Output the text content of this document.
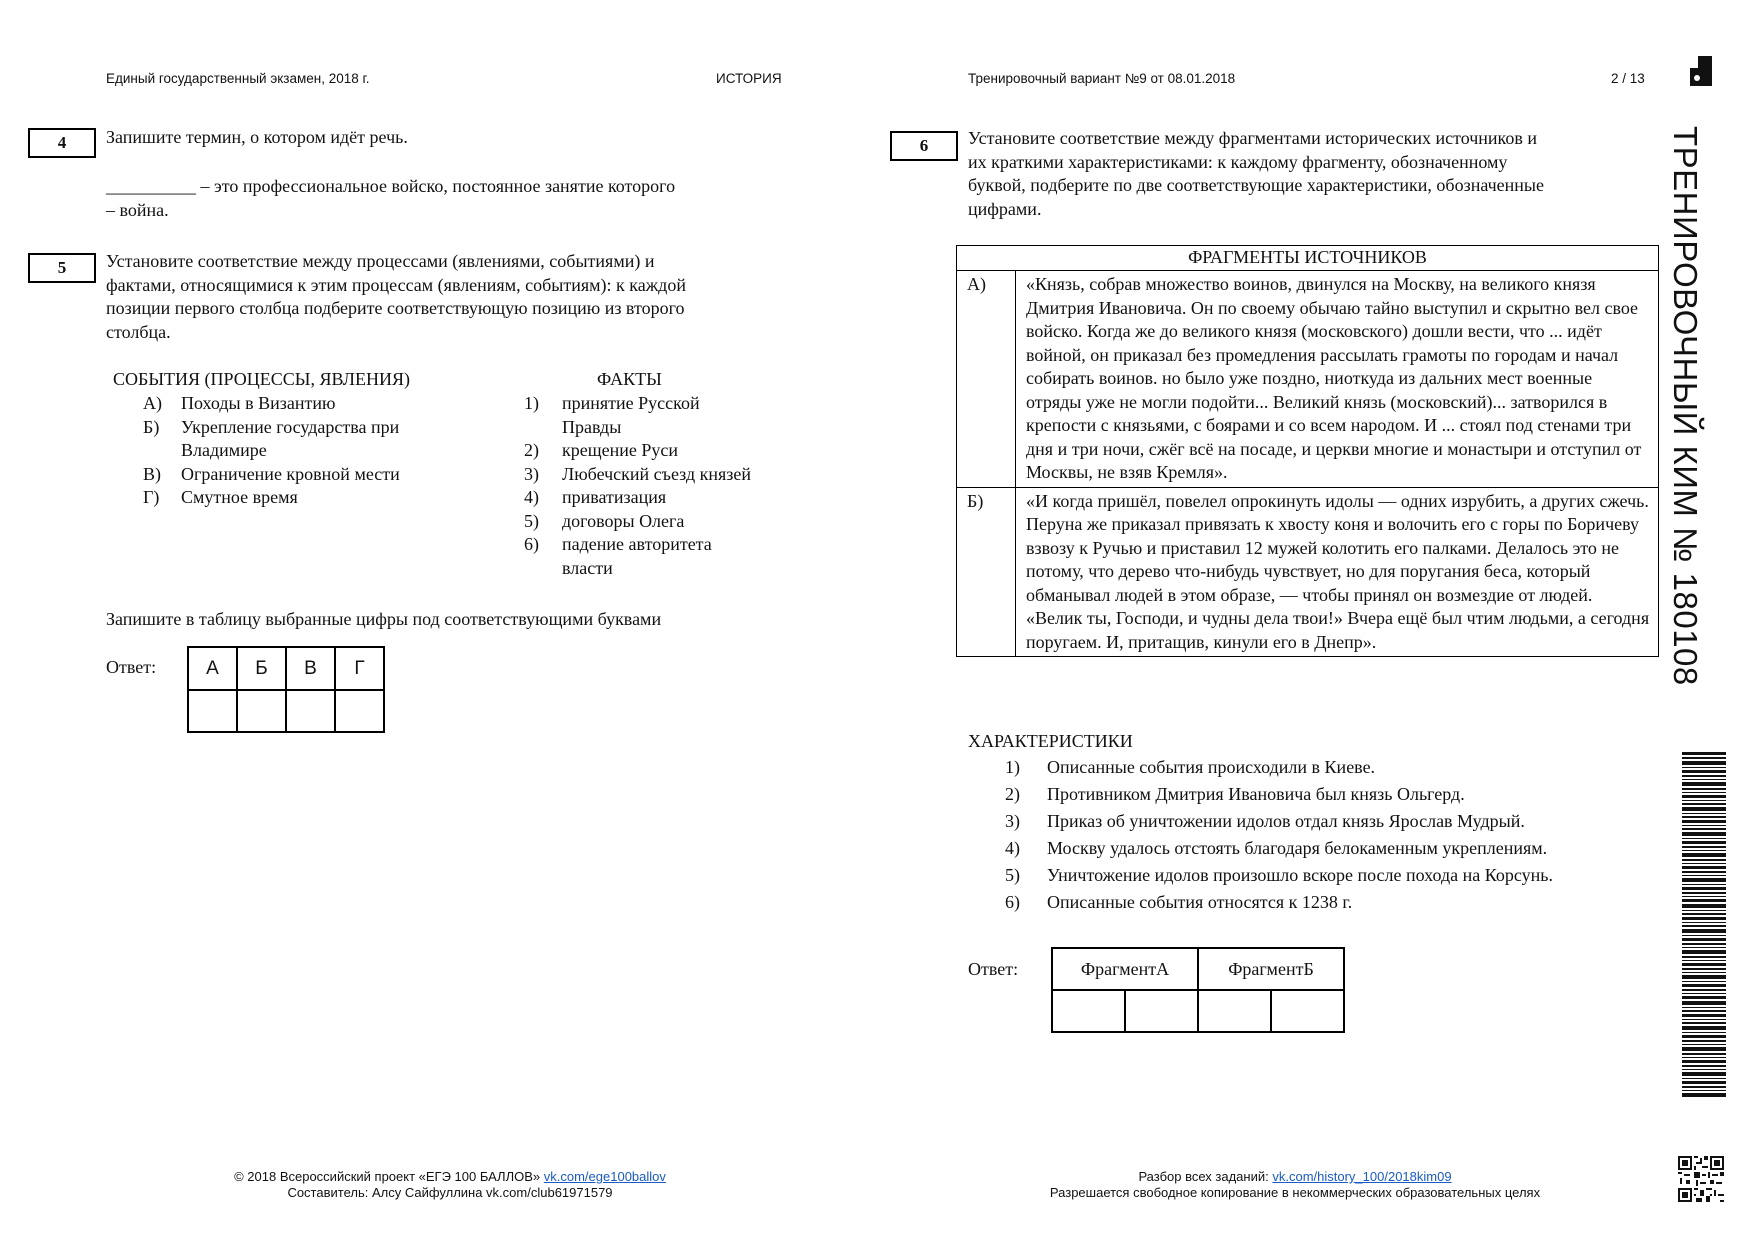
Единый государственный экзамен, 2018 г.	ИСТОРИЯ	Тренировочный вариант №9 от 08.01.2018	2 / 13
ТРЕНИРОВОЧНЫЙ КИМ № 180108
4	Запишите термин, о котором идёт речь.
__________ – это профессиональное войско, постоянное занятие которого
– война.
5	Установите соответствие между процессами (явлениями, событиями) и
фактами, относящимися к этим процессам (явлениям, событиям): к каждой
позиции первого столбца подберите соответствующую позицию из второго
столбца.
СОБЫТИЯ (ПРОЦЕССЫ, ЯВЛЕНИЯ)	ФАКТЫ
А)	Походы в Византию
Б)	Укрепление государства при
Владимире
В)	Ограничение кровной мести
Г)	Смутное время
1)	принятие Русской
Правды
2)	крещение Руси
3)	Любечский съезд князей
4)	приватизация
5)	договоры Олега
6)	падение авторитета
власти
Запишите в таблицу выбранные цифры под соответствующими буквами
Ответ:	А	Б	В	Г

6	Установите соответствие между фрагментами исторических источников и
их краткими характеристиками: к каждому фрагменту, обозначенному
буквой, подберите по две соответствующие характеристики, обозначенные
цифрами.
ФРАГМЕНТЫ ИСТОЧНИКОВ	
А)	«Князь, собрав множество воинов, двинулся на Москву, на великого князя Дмитрия Ивановича. Он по своему обычаю тайно выступил и скрытно вел свое войско. Когда же до великого князя (московского) дошли вести, что ... идёт войной, он приказал без промедления рассылать грамоты по городам и начал собирать воинов. но было уже поздно, ниоткуда из дальних мест военные отряды уже не могли подойти... Великий князь (московский)... затворился в крепости с князьями, с боярами и со всем народом. И ... стоял под стенами три дня и три ночи, сжёг всё на посаде, и церкви многие и монастыри и отступил от Москвы, не взяв Кремля».
Б)	«И когда пришёл, повелел опрокинуть идолы — одних изрубить, а других сжечь. Перуна же приказал привязать к хвосту коня и волочить его с горы по Боричеву взвозу к Ручью и приставил 12 мужей колотить его палками. Делалось это не потому, что дерево что-нибудь чувствует, но для поругания беса, который обманывал людей в этом образе, — чтобы принял он возмездие от людей. «Велик ты, Господи, и чудны дела твои!» Вчера ещё был чтим людьми, а сегодня поругаем. И, притащив, кинули его в Днепр».
ХАРАКТЕРИСТИКИ
1) Описанные события происходили в Киеве.
2) Противником Дмитрия Ивановича был князь Ольгерд.
3) Приказ об уничтожении идолов отдал князь Ярослав Мудрый.
4) Москву удалось отстоять благодаря белокаменным укреплениям.
5) Уничтожение идолов произошло вскоре после похода на Корсунь.
6) Описанные события относятся к 1238 г.
Ответ:	ФрагментА		ФрагментБ	

© 2018 Всероссийский проект «ЕГЭ 100 БАЛЛОВ» vk.com/ege100ballov
Составитель: Алсу Сайфуллина vk.com/club61971579
Разбор всех заданий: vk.com/history_100/2018kim09
Разрешается свободное копирование в некоммерческих образовательных целях
